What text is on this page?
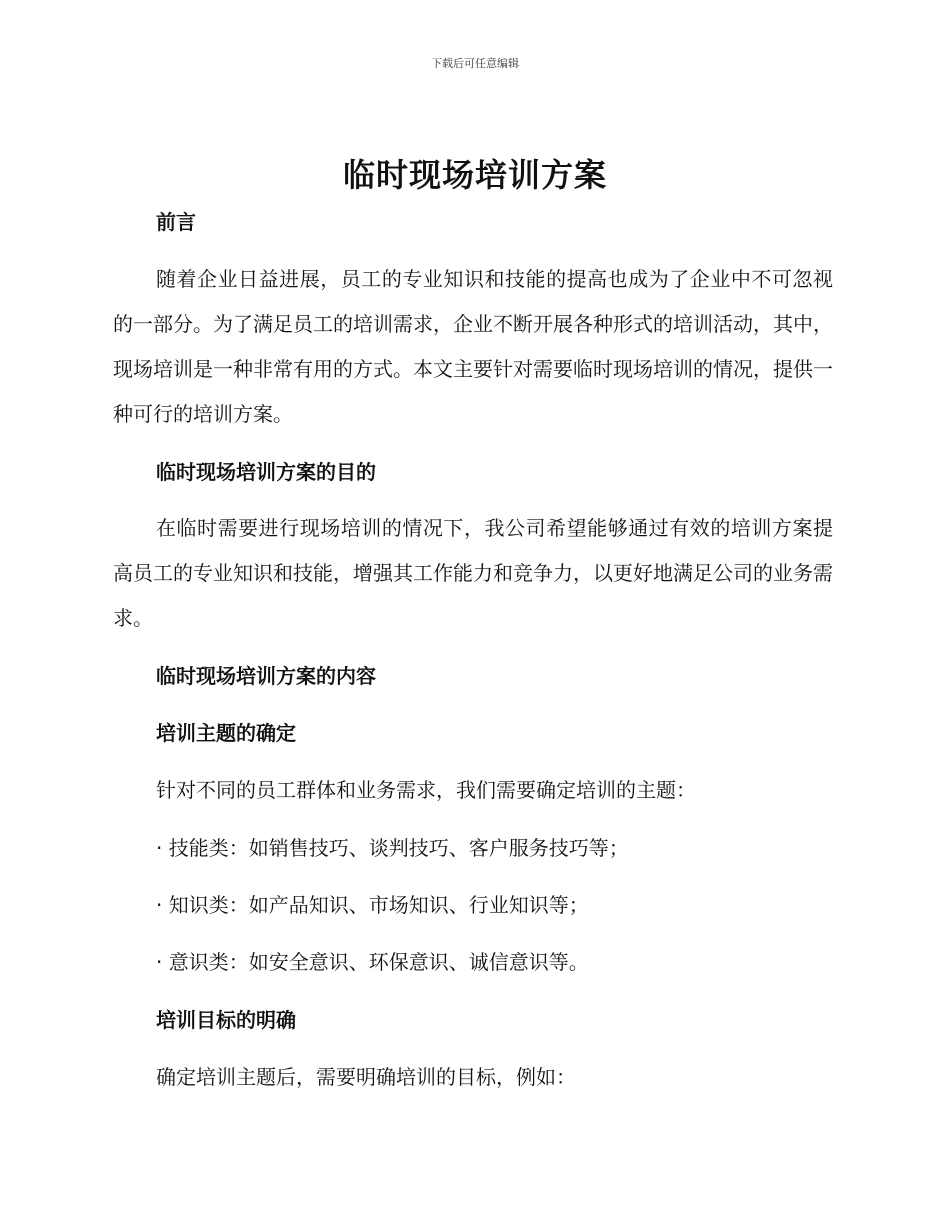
下载后可任意编辑
临时现场培训方案
前言

随着企业日益进展，员工的专业知识和技能的提高也成为了企业中不可忽视的一部分。为了满足员工的培训需求，企业不断开展各种形式的培训活动，其中，现场培训是一种非常有用的方式。本文主要针对需要临时现场培训的情况，提供一种可行的培训方案。

临时现场培训方案的目的

在临时需要进行现场培训的情况下，我公司希望能够通过有效的培训方案提高员工的专业知识和技能，增强其工作能力和竞争力，以更好地满足公司的业务需求。

临时现场培训方案的内容
培训主题的确定
针对不同的员工群体和业务需求，我们需要确定培训的主题：
· 技能类：如销售技巧、谈判技巧、客户服务技巧等；
· 知识类：如产品知识、市场知识、行业知识等；
· 意识类：如安全意识、环保意识、诚信意识等。
培训目标的明确
确定培训主题后，需要明确培训的目标，例如：
